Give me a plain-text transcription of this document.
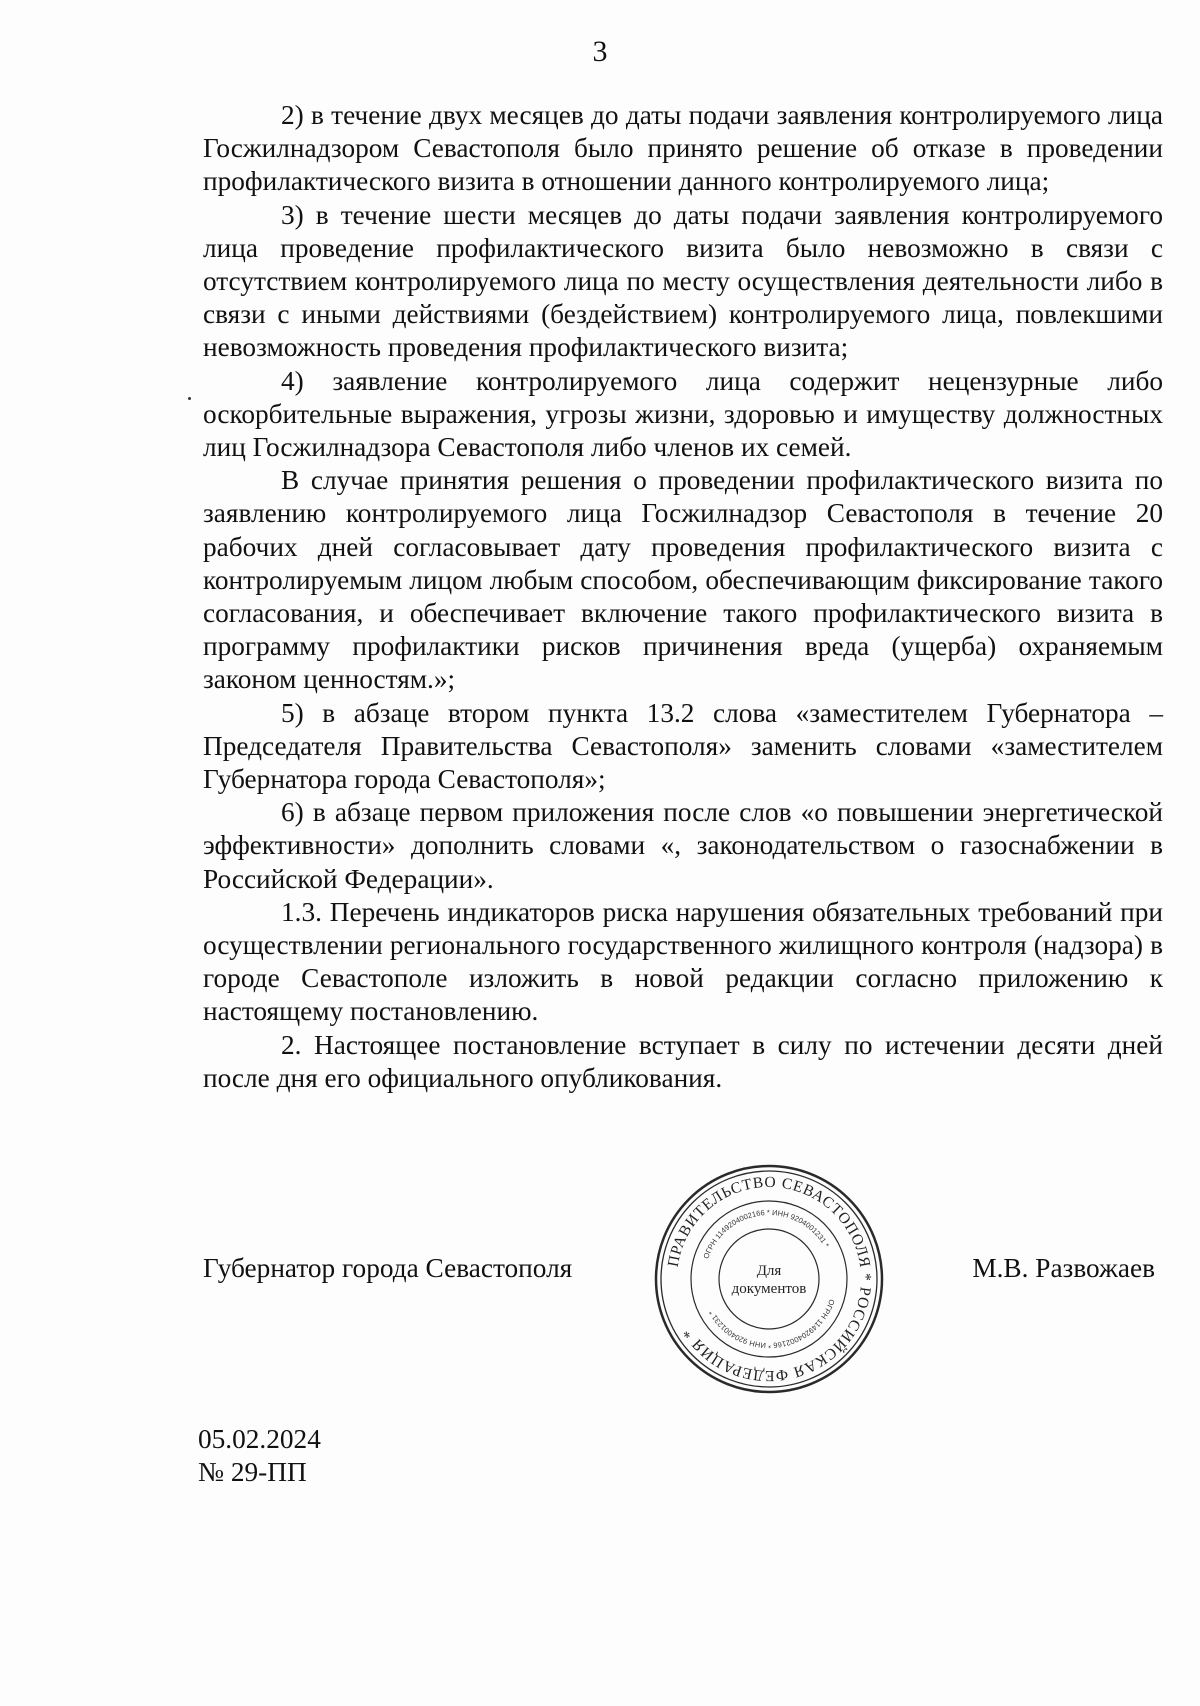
3

2) в течение двух месяцев до даты подачи заявления контролируемого лица Госжилнадзором Севастополя было принято решение об отказе в проведении профилактического визита в отношении данного контролируемого лица;

3) в течение шести месяцев до даты подачи заявления контролируемого лица проведение профилактического визита было невозможно в связи с отсутствием контролируемого лица по месту осуществления деятельности либо в связи с иными действиями (бездействием) контролируемого лица, повлекшими невозможность проведения профилактического визита;

4) заявление контролируемого лица содержит нецензурные либо оскорбительные выражения, угрозы жизни, здоровью и имуществу должностных лиц Госжилнадзора Севастополя либо членов их семей.

В случае принятия решения о проведении профилактического визита по заявлению контролируемого лица Госжилнадзор Севастополя в течение 20 рабочих дней согласовывает дату проведения профилактического визита с контролируемым лицом любым способом, обеспечивающим фиксирование такого согласования, и обеспечивает включение такого профилактического визита в программу профилактики рисков причинения вреда (ущерба) охраняемым законом ценностям.»;

5) в абзаце втором пункта 13.2 слова «заместителем Губернатора – Председателя Правительства Севастополя» заменить словами «заместителем Губернатора города Севастополя»;

6) в абзаце первом приложения после слов «о повышении энергетической эффективности» дополнить словами «, законодательством о газоснабжении в Российской Федерации».

1.3. Перечень индикаторов риска нарушения обязательных требований при осуществлении регионального государственного жилищного контроля (надзора) в городе Севастополе изложить в новой редакции согласно приложению к настоящему постановлению.

2. Настоящее постановление вступает в силу по истечении десяти дней после дня его официального опубликования.

Губернатор города Севастополя	М.В. Развожаев
ПРАВИТЕЛЬСТВО СЕВАСТОПОЛЯ * РОССИЙСКАЯ ФЕДЕРАЦИЯ *
ОГРН 1149204002166 * ИНН 9204001231 *
ОГРН 1149204002166 * ИНН 9204001231 *
Для
документов
05.02.2024
№ 29-ПП
